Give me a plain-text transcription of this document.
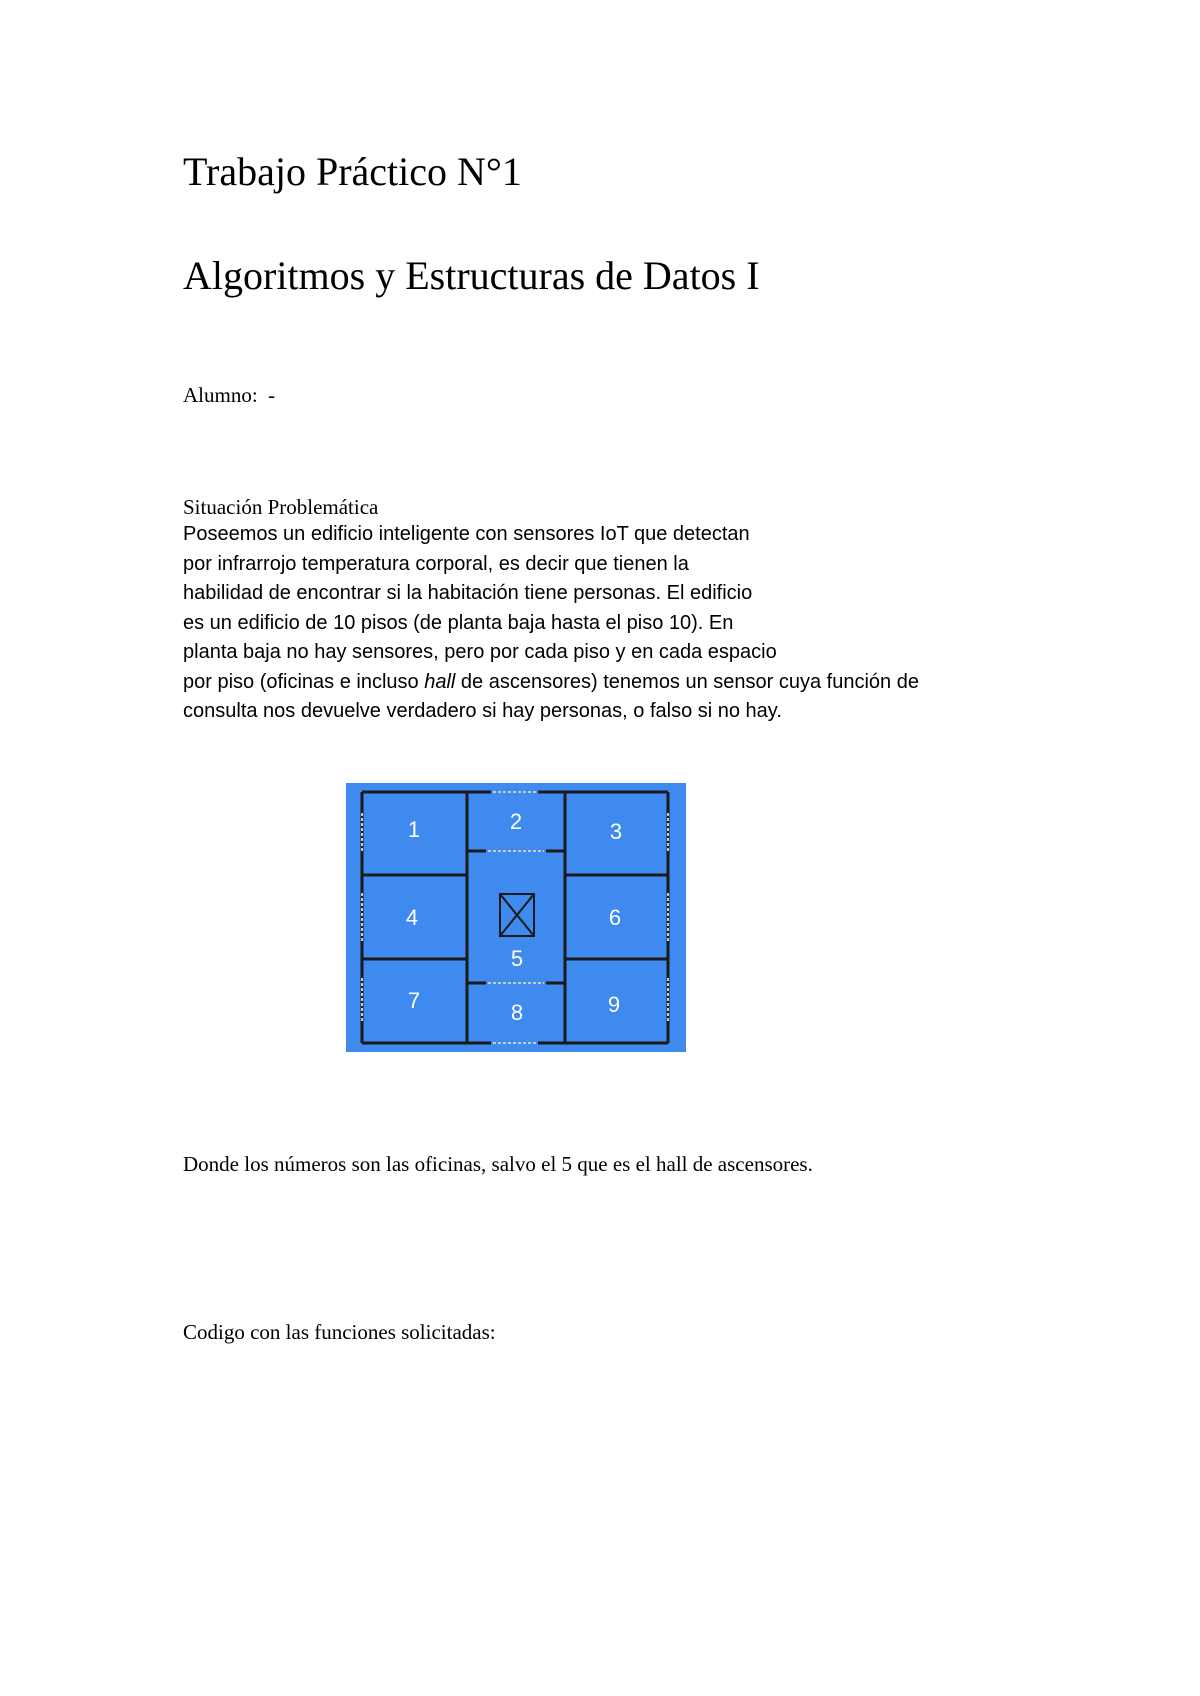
Trabajo Práctico N°1
Algoritmos y Estructuras de Datos I
Alumno: -
Situación Problemática
Poseemos un edificio inteligente con sensores IoT que detectan
por infrarrojo temperatura corporal, es decir que tienen la
habilidad de encontrar si la habitación tiene personas. El edificio
es un edificio de 10 pisos (de planta baja hasta el piso 10). En
planta baja no hay sensores, pero por cada piso y en cada espacio
por piso (oficinas e incluso hall de ascensores) tenemos un sensor cuya función de
consulta nos devuelve verdadero si hay personas, o falso si no hay.
1	2	3
4
5
6
7	8	9
Donde los números son las oficinas, salvo el 5 que es el hall de ascensores.
Codigo con las funciones solicitadas:
